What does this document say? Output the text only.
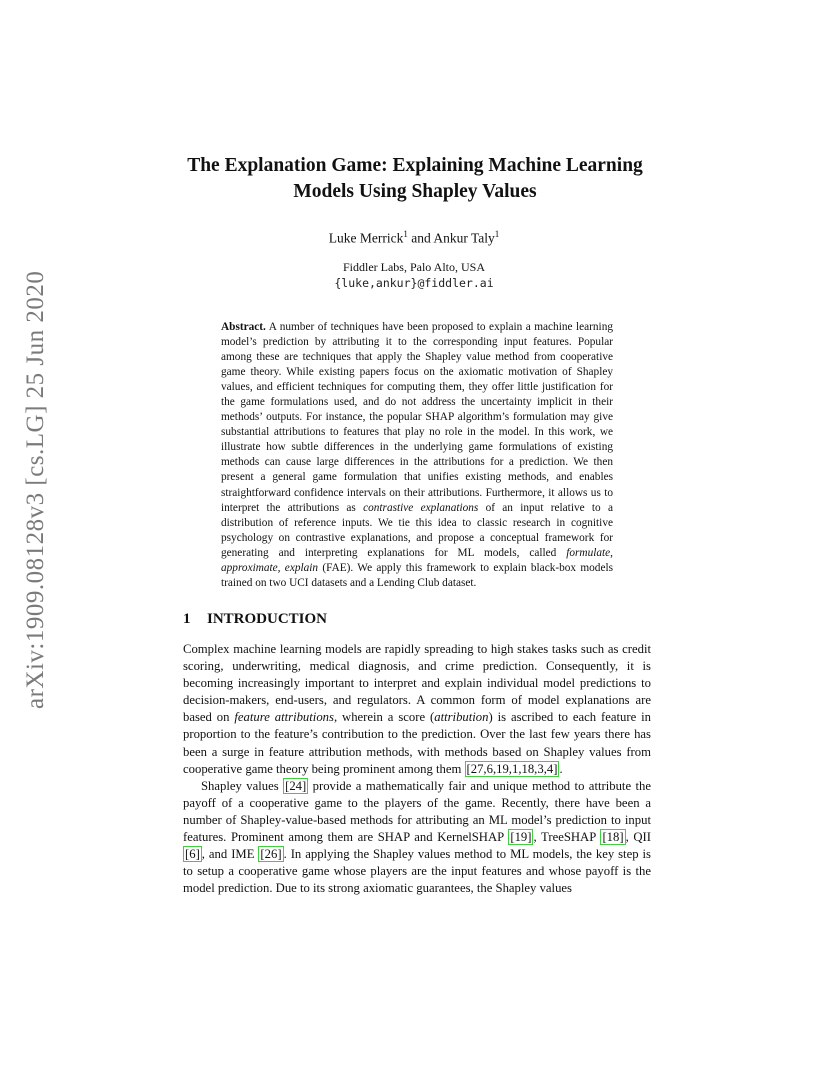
arXiv:1909.08128v3 [cs.LG] 25 Jun 2020
The Explanation Game: Explaining Machine Learning
Models Using Shapley Values
Luke Merrick$^1$ and Ankur Taly$^1$
Fiddler Labs, Palo Alto, USA
{luke,ankur}@fiddler.ai
Abstract. A number of techniques have been proposed to explain a machine learning model’s prediction by attributing it to the corresponding input features. Popular among these are techniques that apply the Shapley value method from cooperative game theory. While existing papers focus on the axiomatic motivation of Shapley values, and efficient techniques for computing them, they offer little justification for the game formulations used, and do not address the uncertainty implicit in their methods’ outputs. For instance, the popular SHAP algorithm’s formulation may give substantial attributions to features that play no role in the model. In this work, we illustrate how subtle differences in the underlying game formulations of existing methods can cause large differences in the attributions for a prediction. We then present a general game formulation that unifies existing methods, and enables straightforward confidence intervals on their attributions. Furthermore, it allows us to interpret the attributions as contrastive explanations of an input relative to a distribution of reference inputs. We tie this idea to classic research in cognitive psychology on contrastive explanations, and propose a conceptual framework for generating and interpreting explanations for ML models, called formulate, approximate, explain (FAE). We apply this framework to explain black-box models trained on two UCI datasets and a Lending Club dataset.
1 INTRODUCTION

Complex machine learning models are rapidly spreading to high stakes tasks such as credit scoring, underwriting, medical diagnosis, and crime prediction. Consequently, it is becoming increasingly important to interpret and explain individual model predictions to decision-makers, end-users, and regulators. A common form of model explanations are based on feature attributions, wherein a score (attribution) is ascribed to each feature in proportion to the feature’s contribution to the prediction. Over the last few years there has been a surge in feature attribution methods, with methods based on Shapley values from cooperative game theory being prominent among them [27,6,19,1,18,3,4] .

Shapley values [24] provide a mathematically fair and unique method to attribute the payoff of a cooperative game to the players of the game. Recently, there have been a number of Shapley-value-based methods for attributing an ML model’s prediction to input features. Prominent among them are SHAP and KernelSHAP [19] , TreeSHAP [18] , QII [6] , and IME [26] . In applying the Shapley values method to ML models, the key step is to setup a cooperative game whose players are the input features and whose payoff is the model prediction. Due to its strong axiomatic guarantees, the Shapley values
